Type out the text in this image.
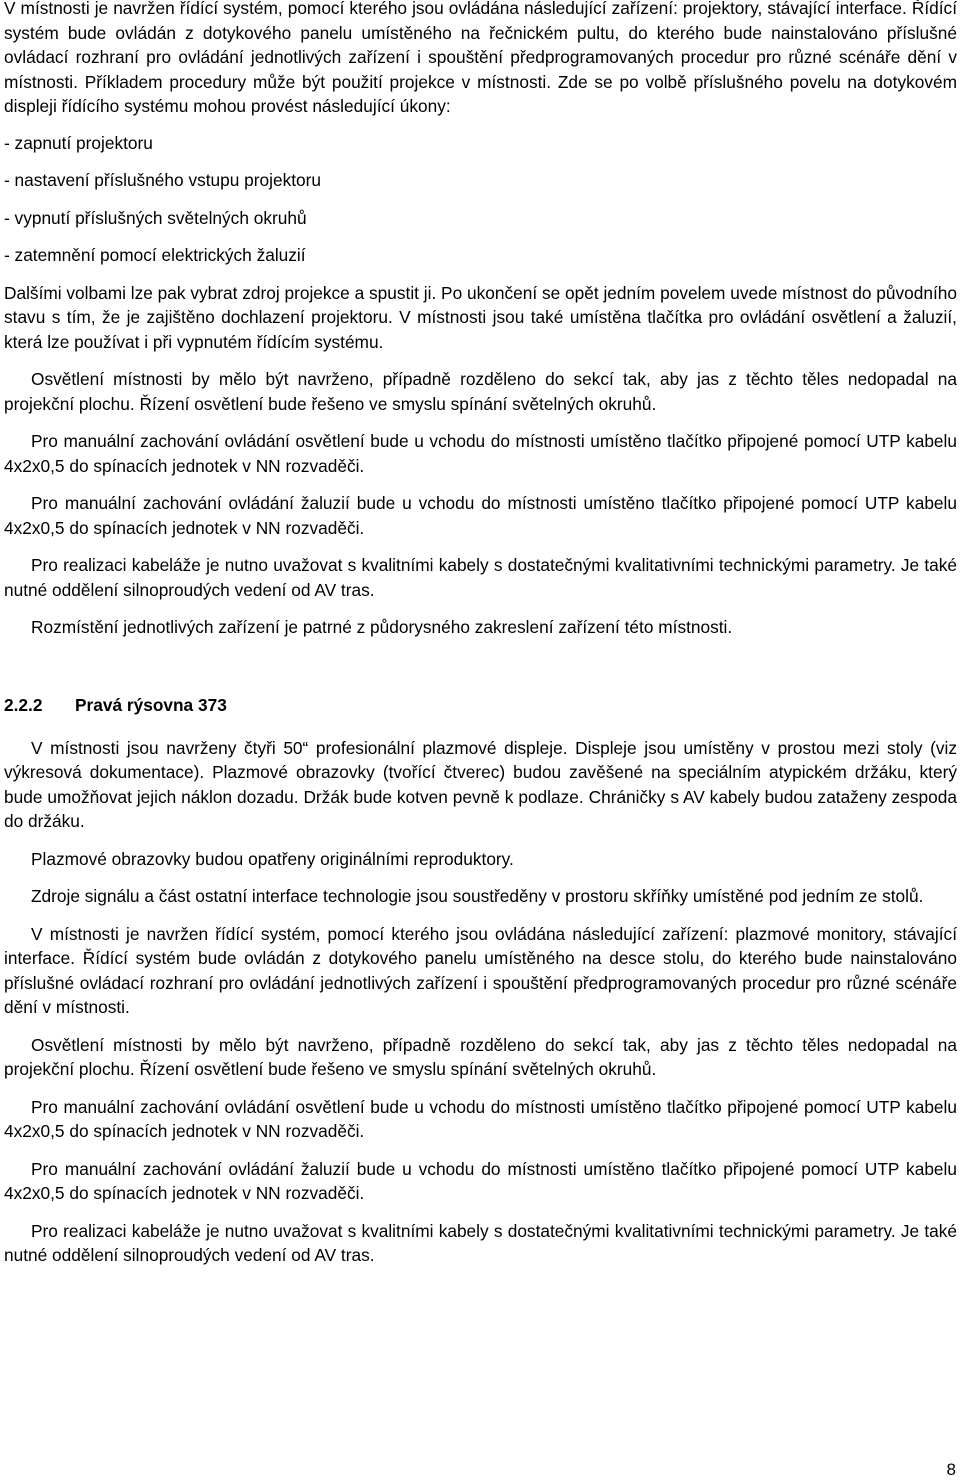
V místnosti je navržen řídící systém, pomocí kterého jsou ovládána následující zařízení: projektory, stávající interface. Řídící systém bude ovládán z dotykového panelu umístěného na řečnickém pultu, do kterého bude nainstalováno příslušné ovládací rozhraní pro ovládání jednotlivých zařízení i spouštění předprogramovaných procedur pro různé scénáře dění v místnosti. Příkladem procedury může být použití projekce v místnosti. Zde se po volbě příslušného povelu na dotykovém displeji řídícího systému mohou provést následující úkony:

- zapnutí projektoru

- nastavení příslušného vstupu projektoru

- vypnutí příslušných světelných okruhů

- zatemnění pomocí elektrických žaluzií

Dalšími volbami lze pak vybrat zdroj projekce a spustit ji. Po ukončení se opět jedním povelem uvede místnost do původního stavu s tím, že je zajištěno dochlazení projektoru. V místnosti jsou také umístěna tlačítka pro ovládání osvětlení a žaluzií, která lze používat i při vypnutém řídícím systému.

Osvětlení místnosti by mělo být navrženo, případně rozděleno do sekcí tak, aby jas z těchto těles nedopadal na projekční plochu. Řízení osvětlení bude řešeno ve smyslu spínání světelných okruhů.

Pro manuální zachování ovládání osvětlení bude u vchodu do místnosti umístěno tlačítko připojené pomocí UTP kabelu 4x2x0,5 do spínacích jednotek v NN rozvaděči.

Pro manuální zachování ovládání žaluzií bude u vchodu do místnosti umístěno tlačítko připojené pomocí UTP kabelu 4x2x0,5 do spínacích jednotek v NN rozvaděči.

Pro realizaci kabeláže je nutno uvažovat s kvalitními kabely s dostatečnými kvalitativními technickými parametry. Je také nutné oddělení silnoproudých vedení od AV tras.

Rozmístění jednotlivých zařízení je patrné z půdorysného zakreslení zařízení této místnosti.

2.2.2 Pravá rýsovna 373

V místnosti jsou navrženy čtyři 50“ profesionální plazmové displeje. Displeje jsou umístěny v prostou mezi stoly (viz výkresová dokumentace). Plazmové obrazovky (tvořící čtverec) budou zavěšené na speciálním atypickém držáku, který bude umožňovat jejich náklon dozadu. Držák bude kotven pevně k podlaze. Chráničky s AV kabely budou zataženy zespoda do držáku.

Plazmové obrazovky budou opatřeny originálními reproduktory.

Zdroje signálu a část ostatní interface technologie jsou soustředěny v prostoru skříňky umístěné pod jedním ze stolů.

V místnosti je navržen řídící systém, pomocí kterého jsou ovládána následující zařízení: plazmové monitory, stávající interface. Řídící systém bude ovládán z dotykového panelu umístěného na desce stolu, do kterého bude nainstalováno příslušné ovládací rozhraní pro ovládání jednotlivých zařízení i spouštění předprogramovaných procedur pro různé scénáře dění v místnosti.

Osvětlení místnosti by mělo být navrženo, případně rozděleno do sekcí tak, aby jas z těchto těles nedopadal na projekční plochu. Řízení osvětlení bude řešeno ve smyslu spínání světelných okruhů.

Pro manuální zachování ovládání osvětlení bude u vchodu do místnosti umístěno tlačítko připojené pomocí UTP kabelu 4x2x0,5 do spínacích jednotek v NN rozvaděči.

Pro manuální zachování ovládání žaluzií bude u vchodu do místnosti umístěno tlačítko připojené pomocí UTP kabelu 4x2x0,5 do spínacích jednotek v NN rozvaděči.

Pro realizaci kabeláže je nutno uvažovat s kvalitními kabely s dostatečnými kvalitativními technickými parametry. Je také nutné oddělení silnoproudých vedení od AV tras.

8
